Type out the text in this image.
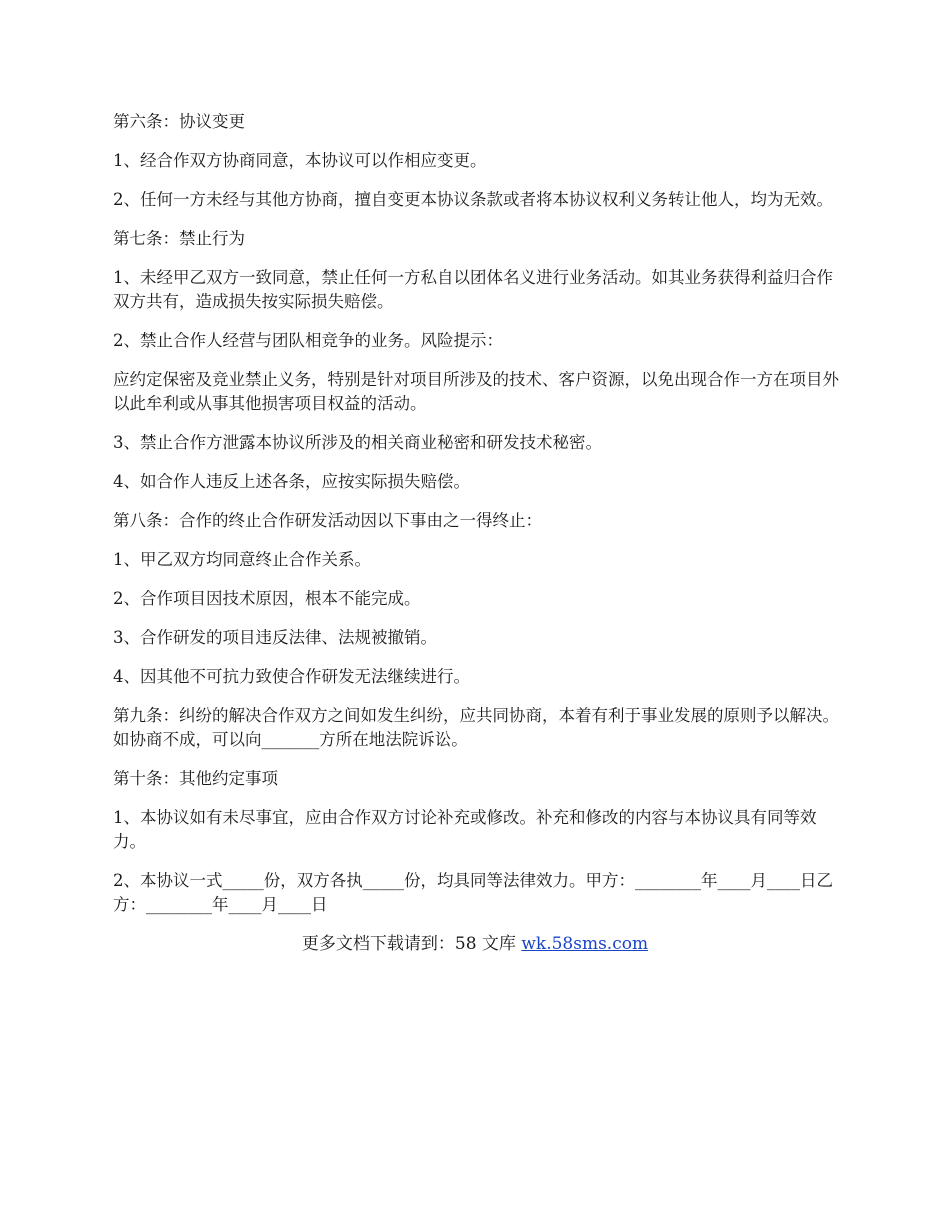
第六条：协议变更

1、经合作双方协商同意，本协议可以作相应变更。

2、任何一方未经与其他方协商，擅自变更本协议条款或者将本协议权利义务转让他人，均为无效。

第七条：禁止行为

1、未经甲乙双方一致同意，禁止任何一方私自以团体名义进行业务活动。如其业务获得利益归合作双方共有，造成损失按实际损失赔偿。

2、禁止合作人经营与团队相竞争的业务。风险提示：

应约定保密及竞业禁止义务，特别是针对项目所涉及的技术、客户资源，以免出现合作一方在项目外以此牟利或从事其他损害项目权益的活动。

3、禁止合作方泄露本协议所涉及的相关商业秘密和研发技术秘密。

4、如合作人违反上述各条，应按实际损失赔偿。

第八条：合作的终止合作研发活动因以下事由之一得终止：

1、甲乙双方均同意终止合作关系。

2、合作项目因技术原因，根本不能完成。

3、合作研发的项目违反法律、法规被撤销。

4、因其他不可抗力致使合作研发无法继续进行。

第九条：纠纷的解决合作双方之间如发生纠纷，应共同协商，本着有利于事业发展的原则予以解决。如协商不成，可以向_______方所在地法院诉讼。

第十条：其他约定事项

1、本协议如有未尽事宜，应由合作双方讨论补充或修改。补充和修改的内容与本协议具有同等效力。

2、本协议一式_____份，双方各执_____份，均具同等法律效力。甲方：________年____月____日乙方：________年____月____日

更多文档下载请到：58 文库 wk.58sms.com
